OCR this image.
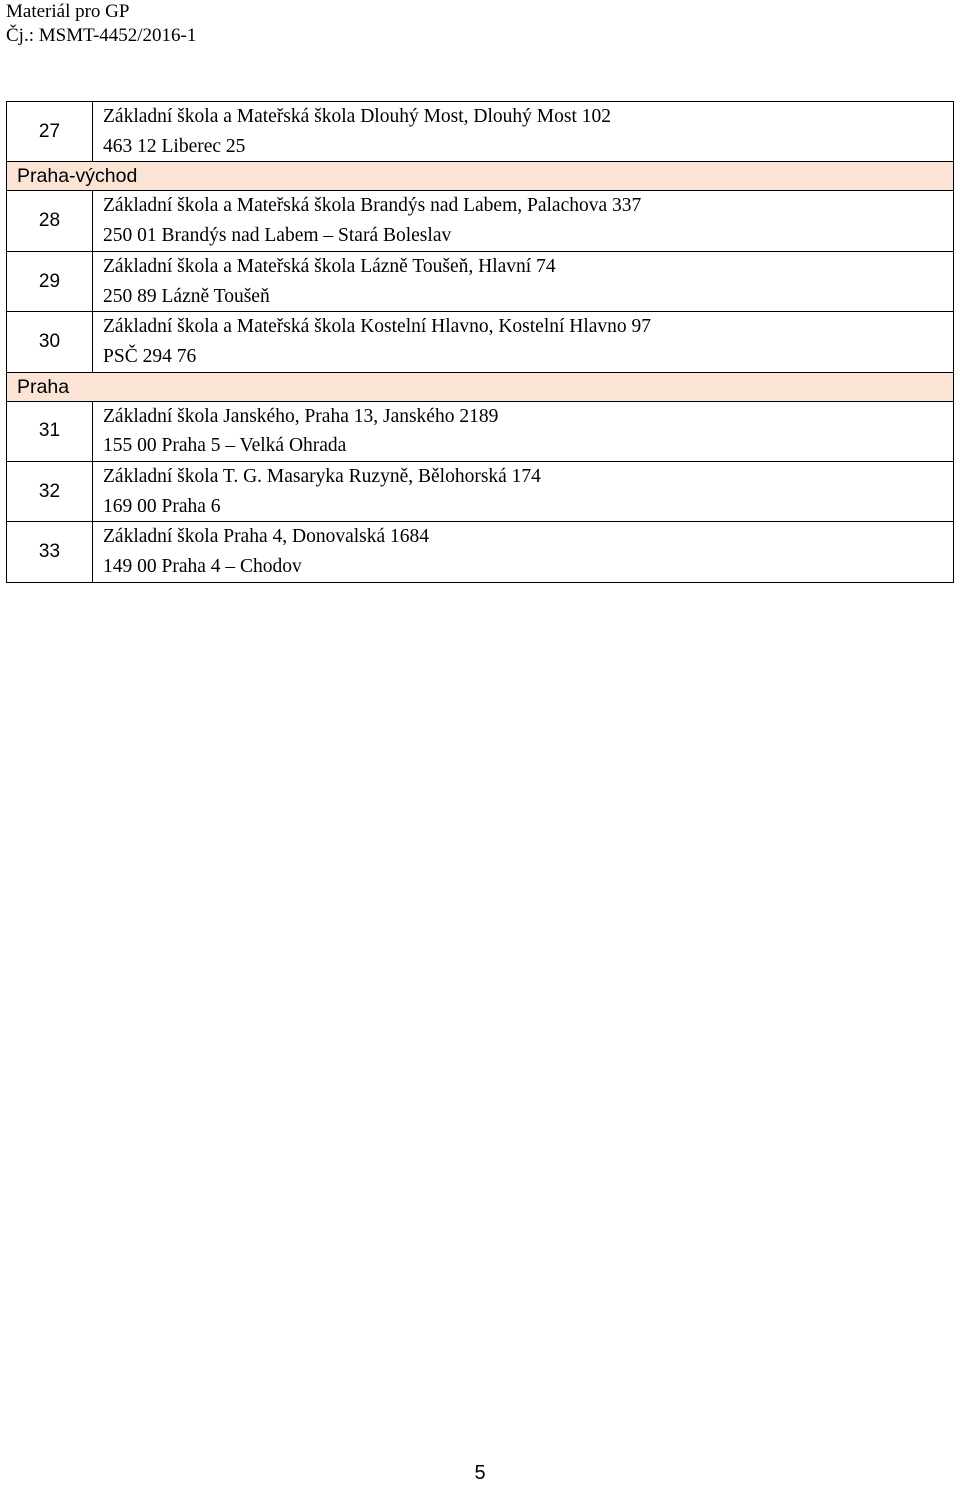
Materiál pro GP
Čj.: MSMT-4452/2016-1
27	Základní škola a Mateřská škola Dlouhý Most, Dlouhý Most 102
463 12 Liberec 25

Praha-východ	
28	Základní škola a Mateřská škola Brandýs nad Labem, Palachova 337
250 01 Brandýs nad Labem – Stará Boleslav

29	Základní škola a Mateřská škola Lázně Toušeň, Hlavní 74
250 89 Lázně Toušeň

30	Základní škola a Mateřská škola Kostelní Hlavno, Kostelní Hlavno 97
PSČ 294 76

Praha	
31	Základní škola Janského, Praha 13, Janského 2189
155 00 Praha 5 – Velká Ohrada

32	Základní škola T. G. Masaryka Ruzyně, Bělohorská 174
169 00 Praha 6

33	Základní škola Praha 4, Donovalská 1684
149 00 Praha 4 – Chodov
5
